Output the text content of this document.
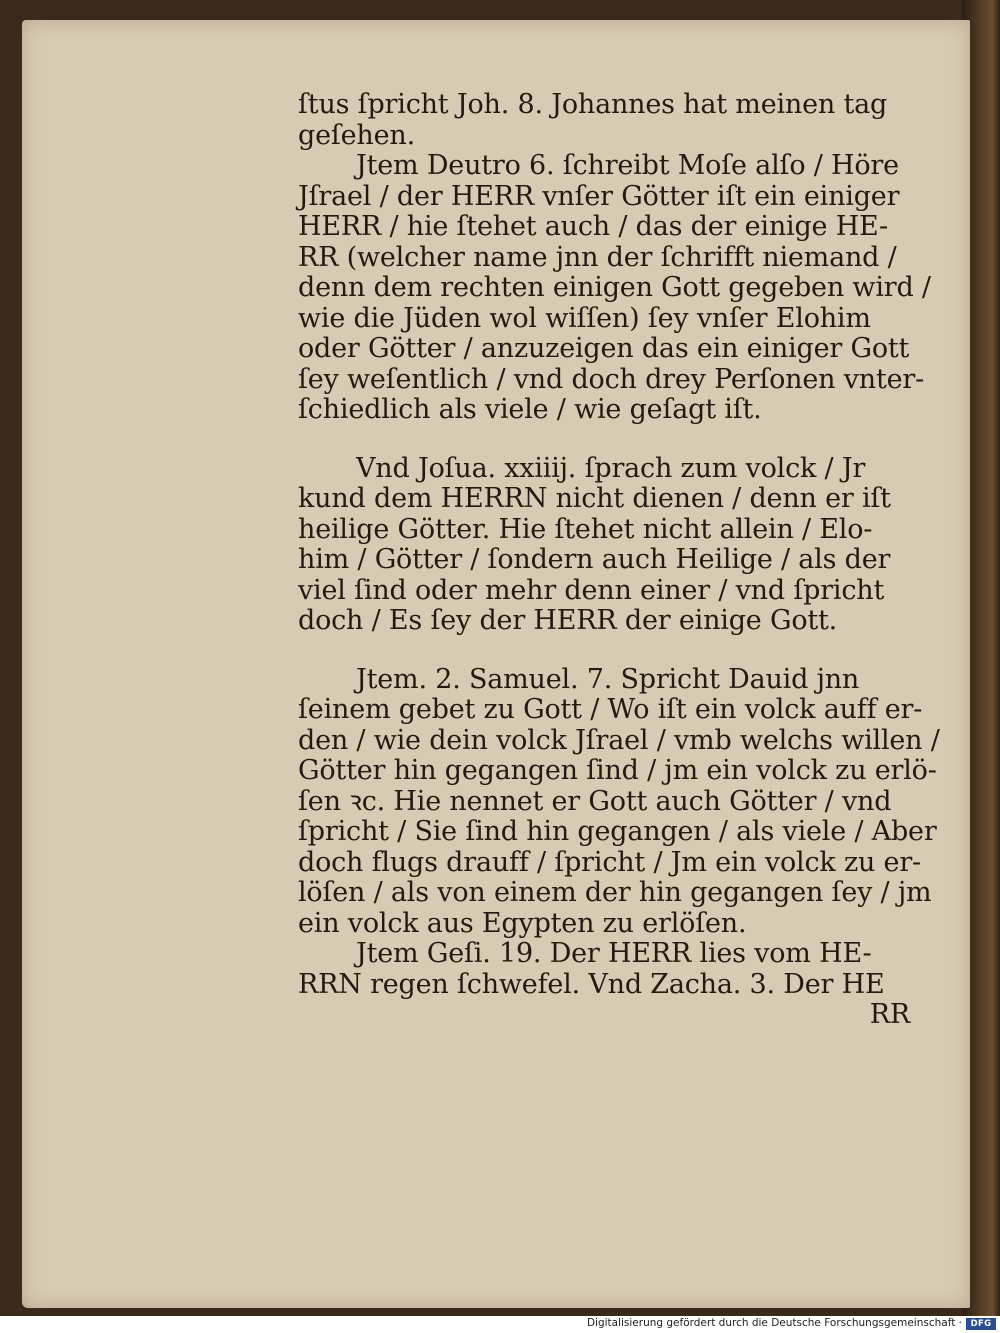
ſtus ſpricht Joh. 8. Johannes hat meinen tag
geſehen.
Jtem Deutro 6. ſchreibt Moſe alſo / Höre
Jſrael / der HERR vnſer Götter iſt ein einiger
HERR / hie ſtehet auch / das der einige HE-
RR (welcher name jnn der ſchrifft niemand /
denn dem rechten einigen Gott gegeben wird /
wie die Jüden wol wiſſen) ſey vnſer Elohim
oder Götter / anzuzeigen das ein einiger Gott
ſey weſentlich / vnd doch drey Perſonen vnter-
ſchiedlich als viele / wie geſagt iſt.
Vnd Joſua. xxiiij. ſprach zum volck / Jr
kund dem HERRN nicht dienen / denn er iſt
heilige Götter. Hie ſtehet nicht allein / Elo-
him / Götter / ſondern auch Heilige / als der
viel ſind oder mehr denn einer / vnd ſpricht
doch / Es ſey der HERR der einige Gott.
Jtem. 2. Samuel. 7. Spricht Dauid jnn
ſeinem gebet zu Gott / Wo iſt ein volck auff er-
den / wie dein volck Jſrael / vmb welchs willen /
Götter hin gegangen ſind / jm ein volck zu erlö-
ſen ꝛc. Hie nennet er Gott auch Götter / vnd
ſpricht / Sie ſind hin gegangen / als viele / Aber
doch flugs drauff / ſpricht / Jm ein volck zu er-
löſen / als von einem der hin gegangen ſey / jm
ein volck aus Egypten zu erlöſen.
Jtem Geſi. 19. Der HERR lies vom HE-
RRN regen ſchwefel. Vnd Zacha. 3. Der HE
RR
Digitalisierung gefördert durch die Deutsche Forschungsgemeinschaft ·	DFG
